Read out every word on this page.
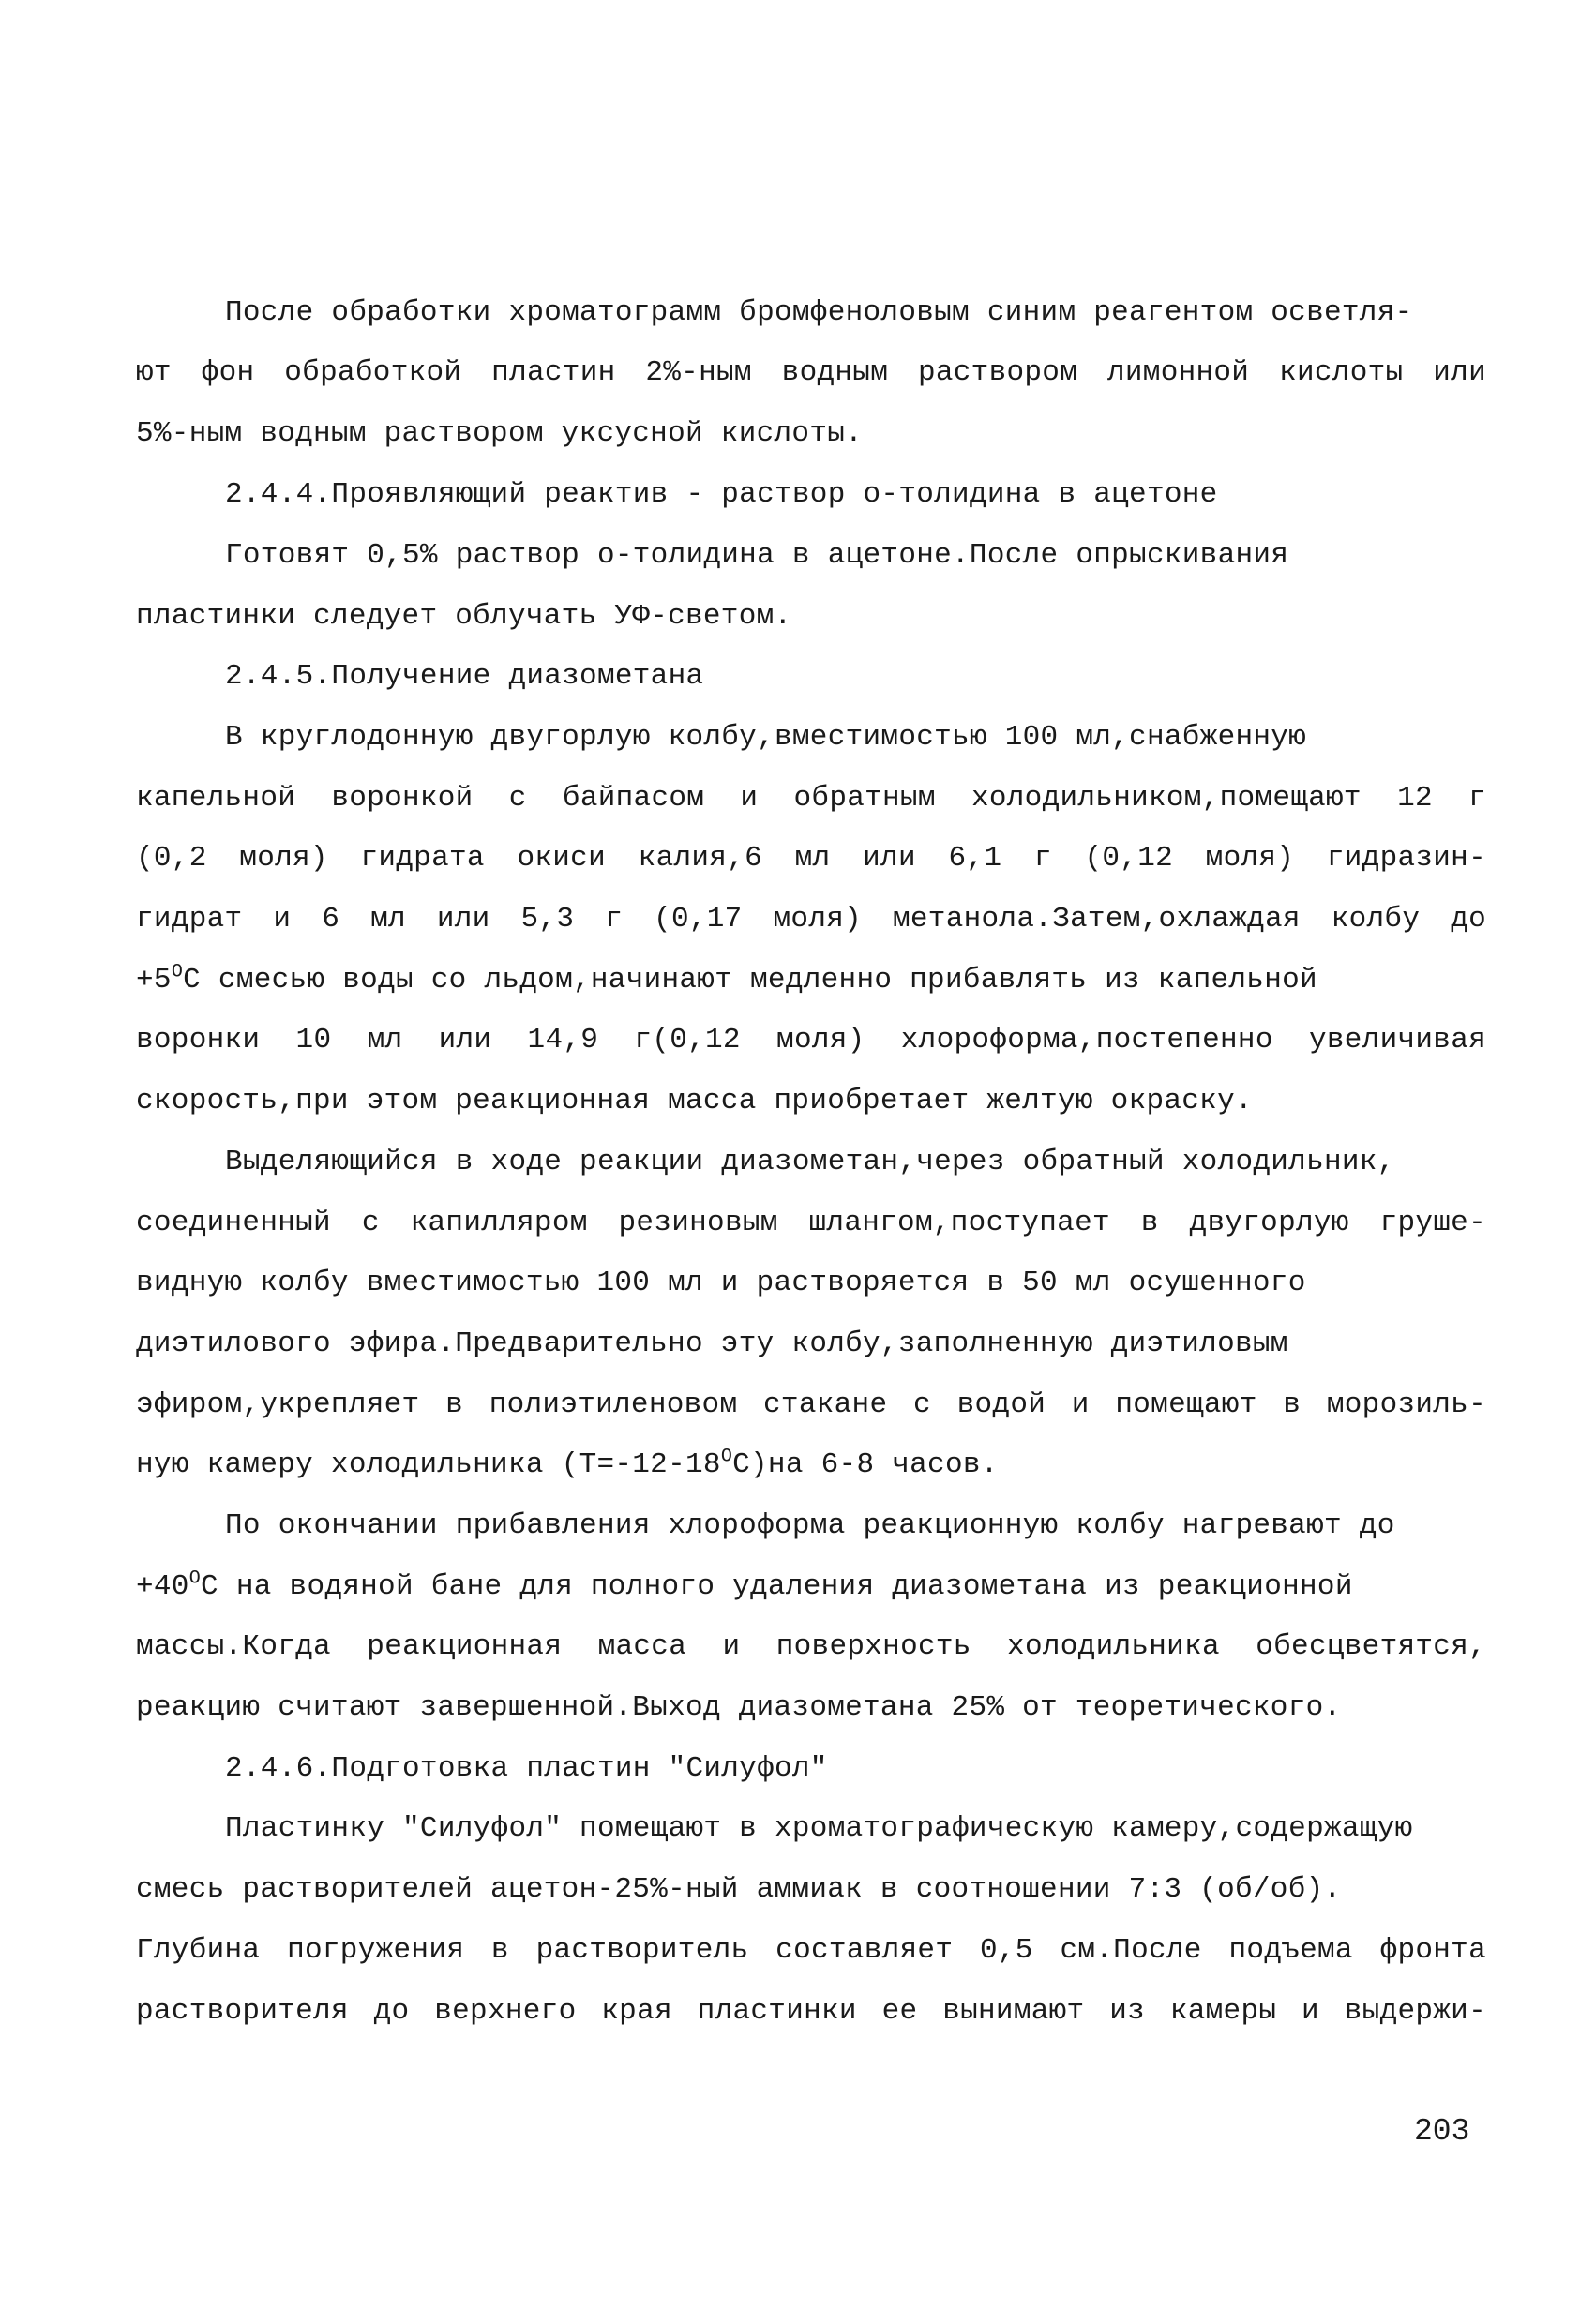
После обработки хроматограмм бромфеноловым синим реагентом осветля-
ют фон обработкой пластин 2%-ным водным раствором лимонной кислоты или
5%-ным водным раствором уксусной кислоты.
2.4.4.Проявляющий реактив - раствор о-толидина в ацетоне
Готовят 0,5% раствор о-толидина в ацетоне.После опрыскивания
пластинки следует облучать УФ-светом.
2.4.5.Получение диазометана
В круглодонную двугорлую колбу,вместимостью 100 мл,снабженную
капельной воронкой с байпасом и обратным холодильником,помещают 12 г
(0,2 моля) гидрата окиси калия,6 мл или 6,1 г (0,12 моля) гидразин-
гидрат и 6 мл или 5,3 г (0,17 моля) метанола.Затем,охлаждая колбу до
$+5^OС$ смесью воды со льдом,начинают медленно прибавлять из капельной
воронки 10 мл или 14,9 г(0,12 моля) хлороформа,постепенно увеличивая
скорость,при этом реакционная масса приобретает желтую окраску.
Выделяющийся в ходе реакции диазометан,через обратный холодильник,
соединенный с капилляром резиновым шлангом,поступает в двугорлую груше-
видную колбу вместимостью 100 мл и растворяется в 50 мл осушенного
диэтилового эфира.Предварительно эту колбу,заполненную диэтиловым
эфиром,укрепляет в полиэтиленовом стакане с водой и помещают в морозиль-
ную камеру холодильника $(Т=-12-18^OС)на$ 6-8 часов.
По окончании прибавления хлороформа реакционную колбу нагревают до
$+40^OС$ на водяной бане для полного удаления диазометана из реакционной
массы.Когда реакционная масса и поверхность холодильника обесцветятся,
реакцию считают завершенной.Выход диазометана 25% от теоретического.
2.4.6.Подготовка пластин "Силуфол"
Пластинку "Силуфол" помещают в хроматографическую камеру,содержащую
смесь растворителей ацетон-25%-ный аммиак в соотношении 7:3 (об/об).
Глубина погружения в растворитель составляет 0,5 см.После подъема фронта
растворителя до верхнего края пластинки ее вынимают из камеры и выдержи-
203
